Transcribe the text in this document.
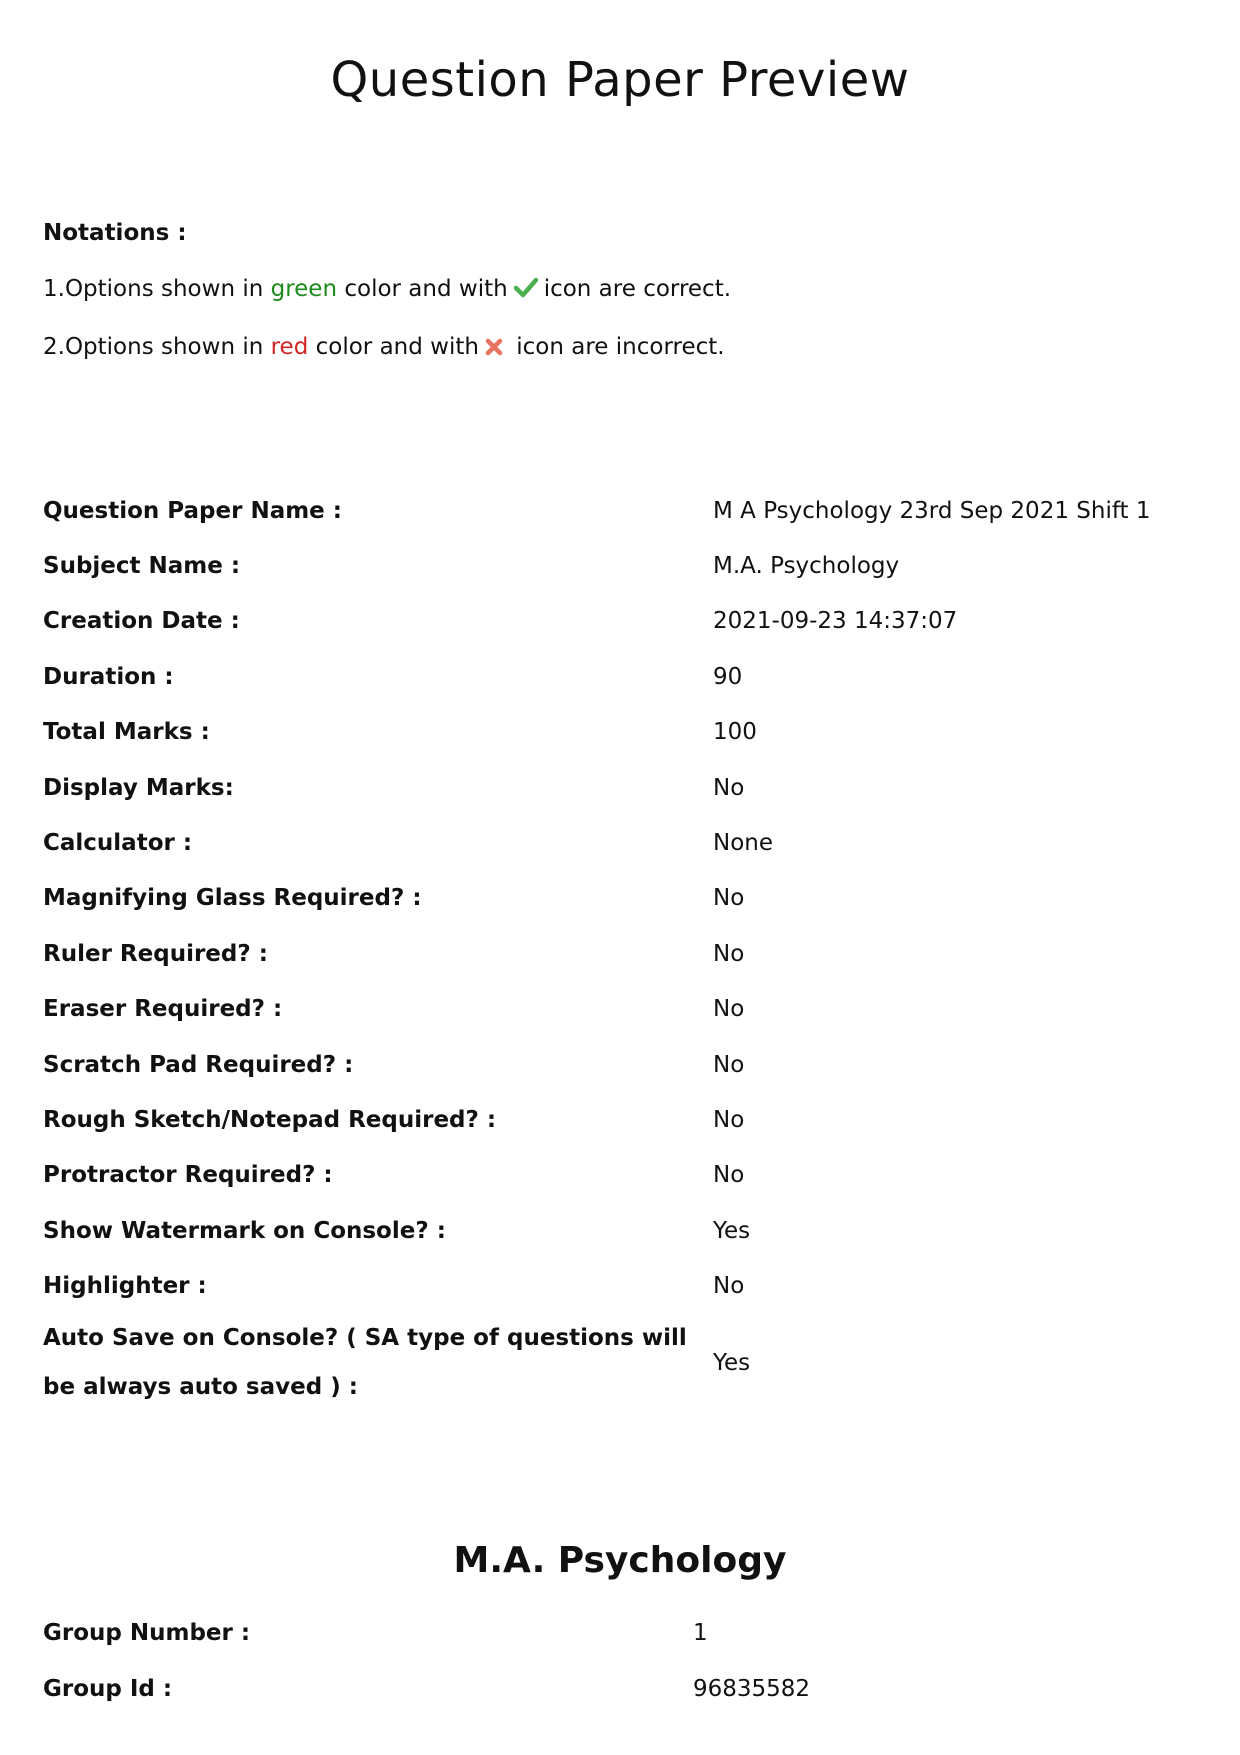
Question Paper Preview
Notations :
1.Options shown in green color and with icon are correct.
2.Options shown in red color and with icon are incorrect.
Question Paper Name :	M A Psychology 23rd Sep 2021 Shift 1
Subject Name :	M.A. Psychology
Creation Date :	2021-09-23 14:37:07
Duration :	90
Total Marks :	100
Display Marks:	No
Calculator :	None
Magnifying Glass Required? :	No
Ruler Required? :	No
Eraser Required? :	No
Scratch Pad Required? :	No
Rough Sketch/Notepad Required? :	No
Protractor Required? :	No
Show Watermark on Console? :	Yes
Highlighter :	No
Auto Save on Console? ( SA type of questions will be always auto saved ) :	Yes
M.A. Psychology
Group Number :	1
Group Id :	96835582
